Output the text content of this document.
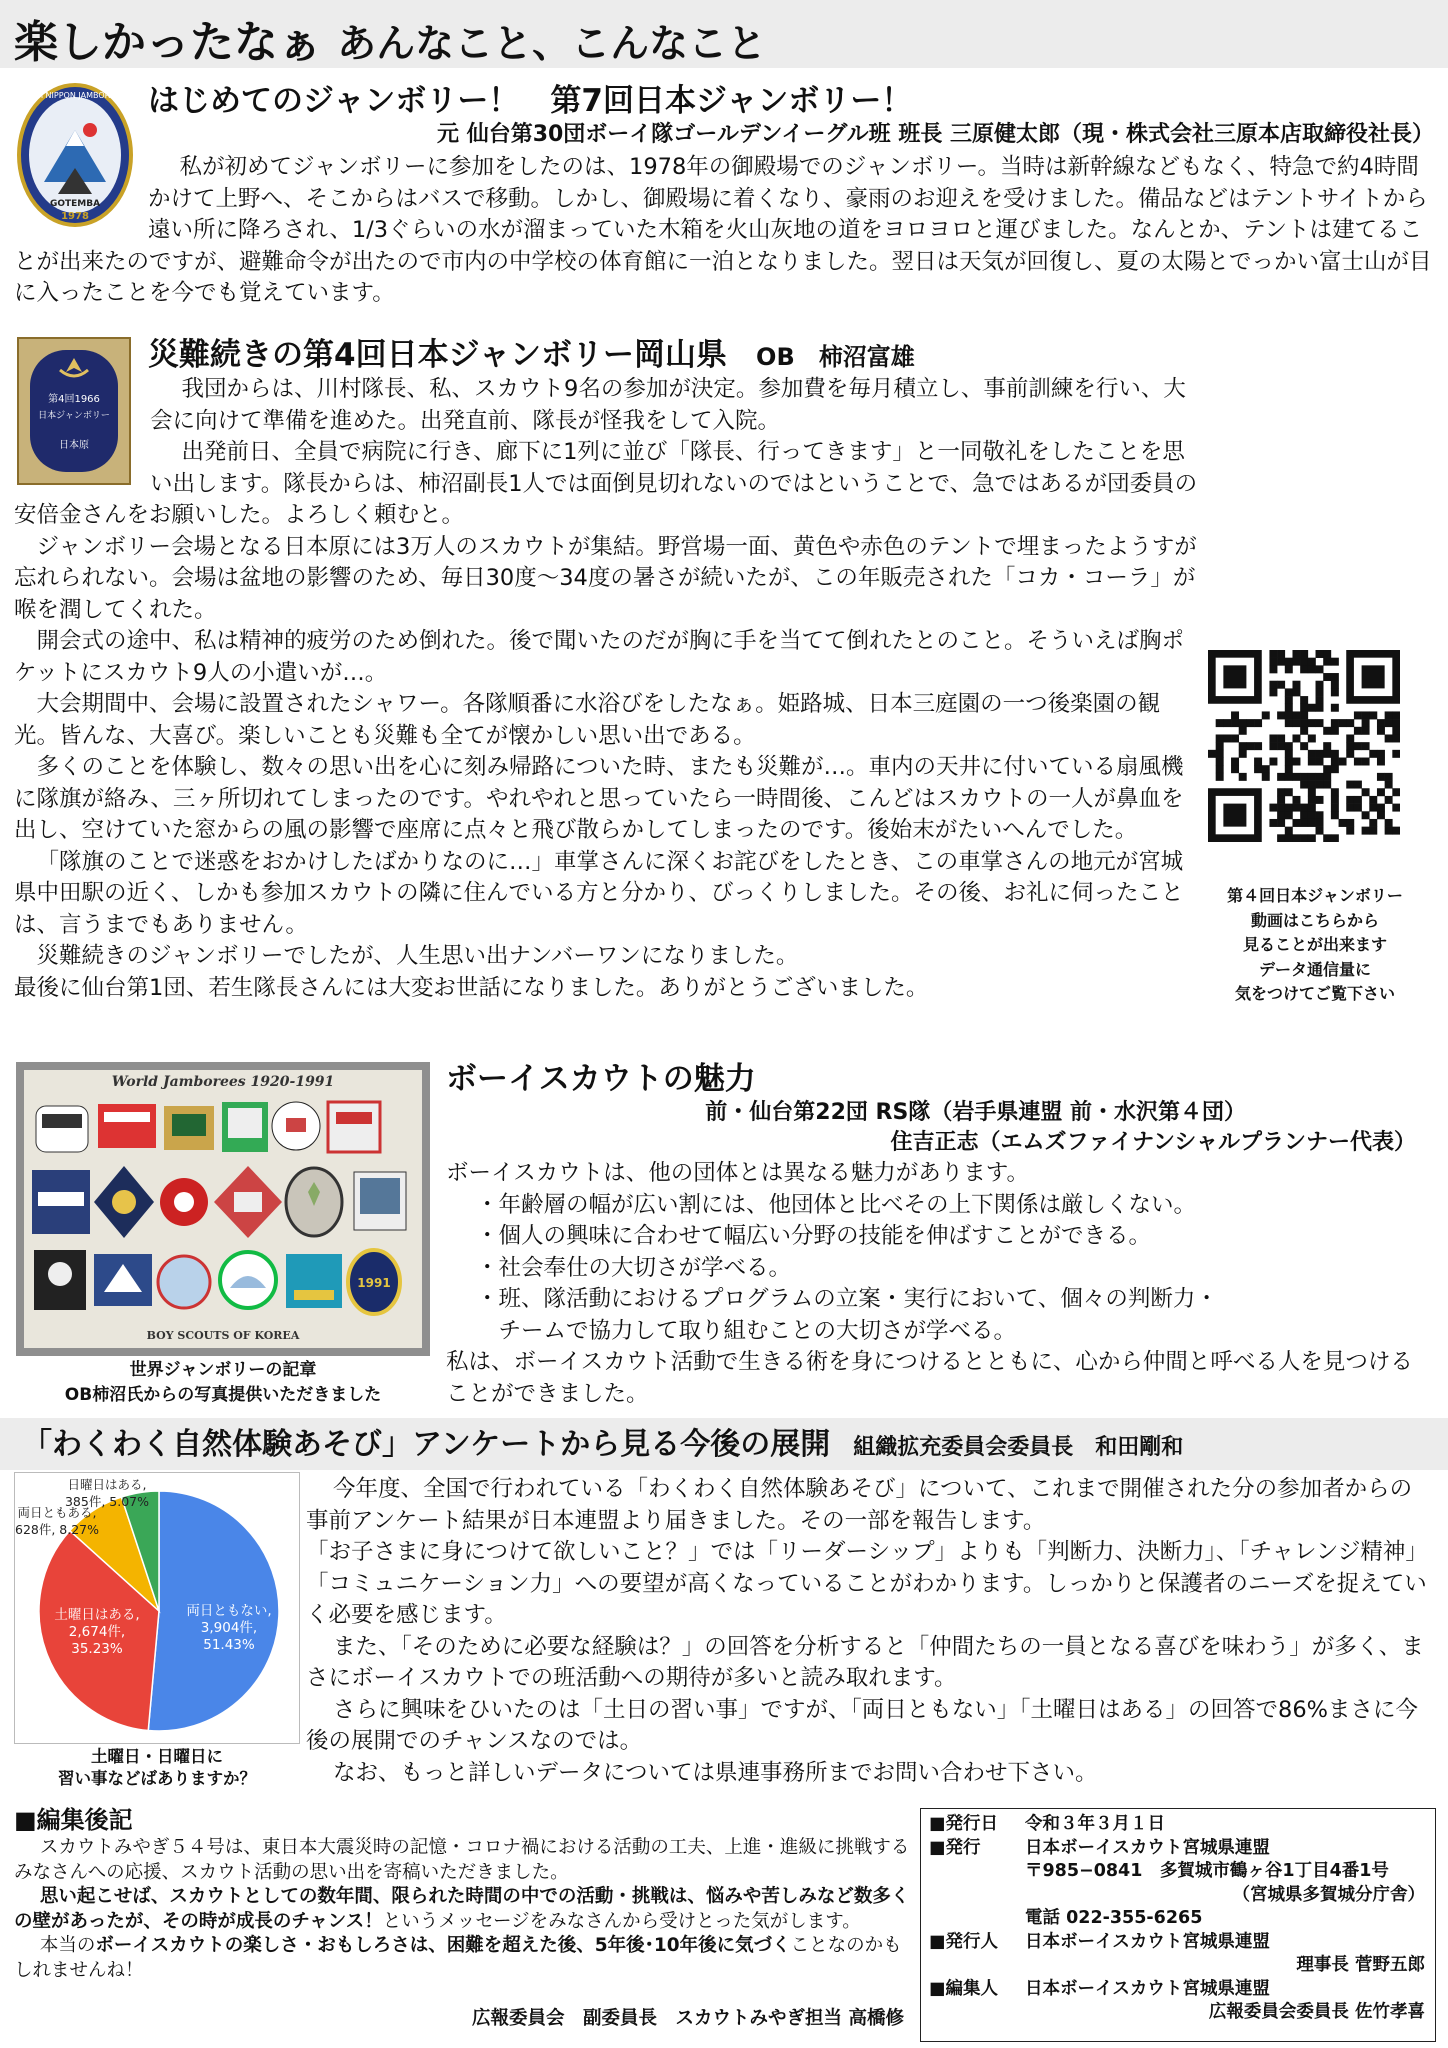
楽しかったなぁ あんなこと、こんなこと
7th NIPPON JAMBOREE
GOTEMBA
1978

はじめてのジャンボリー！　第7回日本ジャンボリー！

元 仙台第30団ボーイ隊ゴールデンイーグル班 班長 三原健太郎（現・株式会社三原本店取締役社長）

私が初めてジャンボリーに参加をしたのは、1978年の御殿場でのジャンボリー。当時は新幹線などもなく、特急で約4時間かけて上野へ、そこからはバスで移動。しかし、御殿場に着くなり、豪雨のお迎えを受けました。備品などはテントサイトから遠い所に降ろされ、1/3ぐらいの水が溜まっていた木箱を火山灰地の道をヨロヨロと運びました。なんとか、テントは建てることが出来たのですが、避難命令が出たので市内の中学校の体育館に一泊となりました。翌日は天気が回復し、夏の太陽とでっかい富士山が目に入ったことを今でも覚えています。

第4回1966
日本ジャンボリー
日本原
災難続きの第4回日本ジャンボリー岡山県 OB　柿沼富雄

我団からは、川村隊長、私、スカウト9名の参加が決定。参加費を毎月積立し、事前訓練を行い、大会に向けて準備を進めた。出発直前、隊長が怪我をして入院。

出発前日、全員で病院に行き、廊下に1列に並び「隊長、行ってきます」と一同敬礼をしたことを思い出します。隊長からは、柿沼副長1人では面倒見切れないのではということで、急ではあるが団委員の安倍金さんをお願いした。よろしく頼むと。

ジャンボリー会場となる日本原には3万人のスカウトが集結。野営場一面、黄色や赤色のテントで埋まったようすが忘れられない。会場は盆地の影響のため、毎日30度〜34度の暑さが続いたが、この年販売された「コカ・コーラ」が喉を潤してくれた。

開会式の途中、私は精神的疲労のため倒れた。後で聞いたのだが胸に手を当てて倒れたとのこと。そういえば胸ポケットにスカウト9人の小遣いが…。

大会期間中、会場に設置されたシャワー。各隊順番に水浴びをしたなぁ。姫路城、日本三庭園の一つ後楽園の観光。皆んな、大喜び。楽しいことも災難も全てが懐かしい思い出である。

多くのことを体験し、数々の思い出を心に刻み帰路についた時、またも災難が…。車内の天井に付いている扇風機に隊旗が絡み、三ヶ所切れてしまったのです。やれやれと思っていたら一時間後、こんどはスカウトの一人が鼻血を出し、空けていた窓からの風の影響で座席に点々と飛び散らかしてしまったのです。後始末がたいへんでした。

「隊旗のことで迷惑をおかけしたばかりなのに…」車掌さんに深くお詫びをしたとき、この車掌さんの地元が宮城県中田駅の近く、しかも参加スカウトの隣に住んでいる方と分かり、びっくりしました。その後、お礼に伺ったことは、言うまでもありません。

災難続きのジャンボリーでしたが、人生思い出ナンバーワンになりました。

最後に仙台第1団、若生隊長さんには大変お世話になりました。ありがとうございました。

第４回日本ジャンボリー
動画はこちらから
見ることが出来ます
データ通信量に
気をつけてご覧下さい
World Jamborees 1920-1991
1991
BOY SCOUTS OF KOREA
世界ジャンボリーの記章
OB柿沼氏からの写真提供いただきました

ボーイスカウトの魅力

前・仙台第22団 RS隊（岩手県連盟 前・水沢第４団）

住吉正志（エムズファイナンシャルプランナー代表）

ボーイスカウトは、他の団体とは異なる魅力があります。

・年齢層の幅が広い割には、他団体と比べその上下関係は厳しくない。

・個人の興味に合わせて幅広い分野の技能を伸ばすことができる。

・社会奉仕の大切さが学べる。

・班、隊活動におけるプログラムの立案・実行において、個々の判断力・

　チームで協力して取り組むことの大切さが学べる。

私は、ボーイスカウト活動で生きる術を身につけるとともに、心から仲間と呼べる人を見つけることができました。

「わくわく自然体験あそび」アンケートから見る今後の展開 組織拡充委員会委員長　和田剛和
両日ともない, 3,904件, 51.43%
土曜日はある, 2,674件, 35.23%
両日ともある, 628件, 8.27%
日曜日はある, 385件, 5.07%
土曜日・日曜日に
習い事などばありますか？

今年度、全国で行われている「わくわく自然体験あそび」について、これまで開催された分の参加者からの事前アンケート結果が日本連盟より届きました。その一部を報告します。

「お子さまに身につけて欲しいこと？」では「リーダーシップ」よりも「判断力、決断力」、「チャレンジ精神」「コミュニケーション力」への要望が高くなっていることがわかります。しっかりと保護者のニーズを捉えていく必要を感じます。

また、「そのために必要な経験は？」の回答を分析すると「仲間たちの一員となる喜びを味わう」が多く、まさにボーイスカウトでの班活動への期待が多いと読み取れます。

さらに興味をひいたのは「土日の習い事」ですが、「両日ともない」「土曜日はある」の回答で86%まさに今後の展開でのチャンスなのでは。

なお、もっと詳しいデータについては県連事務所までお問い合わせ下さい。

■編集後記

スカウトみやぎ５４号は、東日本大震災時の記憶・コロナ禍における活動の工夫、上進・進級に挑戦するみなさんへの応援、スカウト活動の思い出を寄稿いただきました。

思い起こせば、スカウトとしての数年間、限られた時間の中での活動・挑戦は、悩みや苦しみなど数多くの壁があったが、その時が成長のチャンス！というメッセージをみなさんから受けとった気がします。

本当のボーイスカウトの楽しさ・おもしろさは、困難を超えた後、5年後･10年後に気づくことなのかもしれませんね！

広報委員会　副委員長　スカウトみやぎ担当 高橋修
■発行日 令和３年３月１日
■発行	日本ボーイスカウト宮城県連盟
〒985−0841　多賀城市鶴ヶ谷1丁目4番1号
（宮城県多賀城分庁舎）
電話 022-355-6265
■発行人 日本ボーイスカウト宮城県連盟
理事長 菅野五郎
■編集人 日本ボーイスカウト宮城県連盟
広報委員会委員長 佐竹孝喜
